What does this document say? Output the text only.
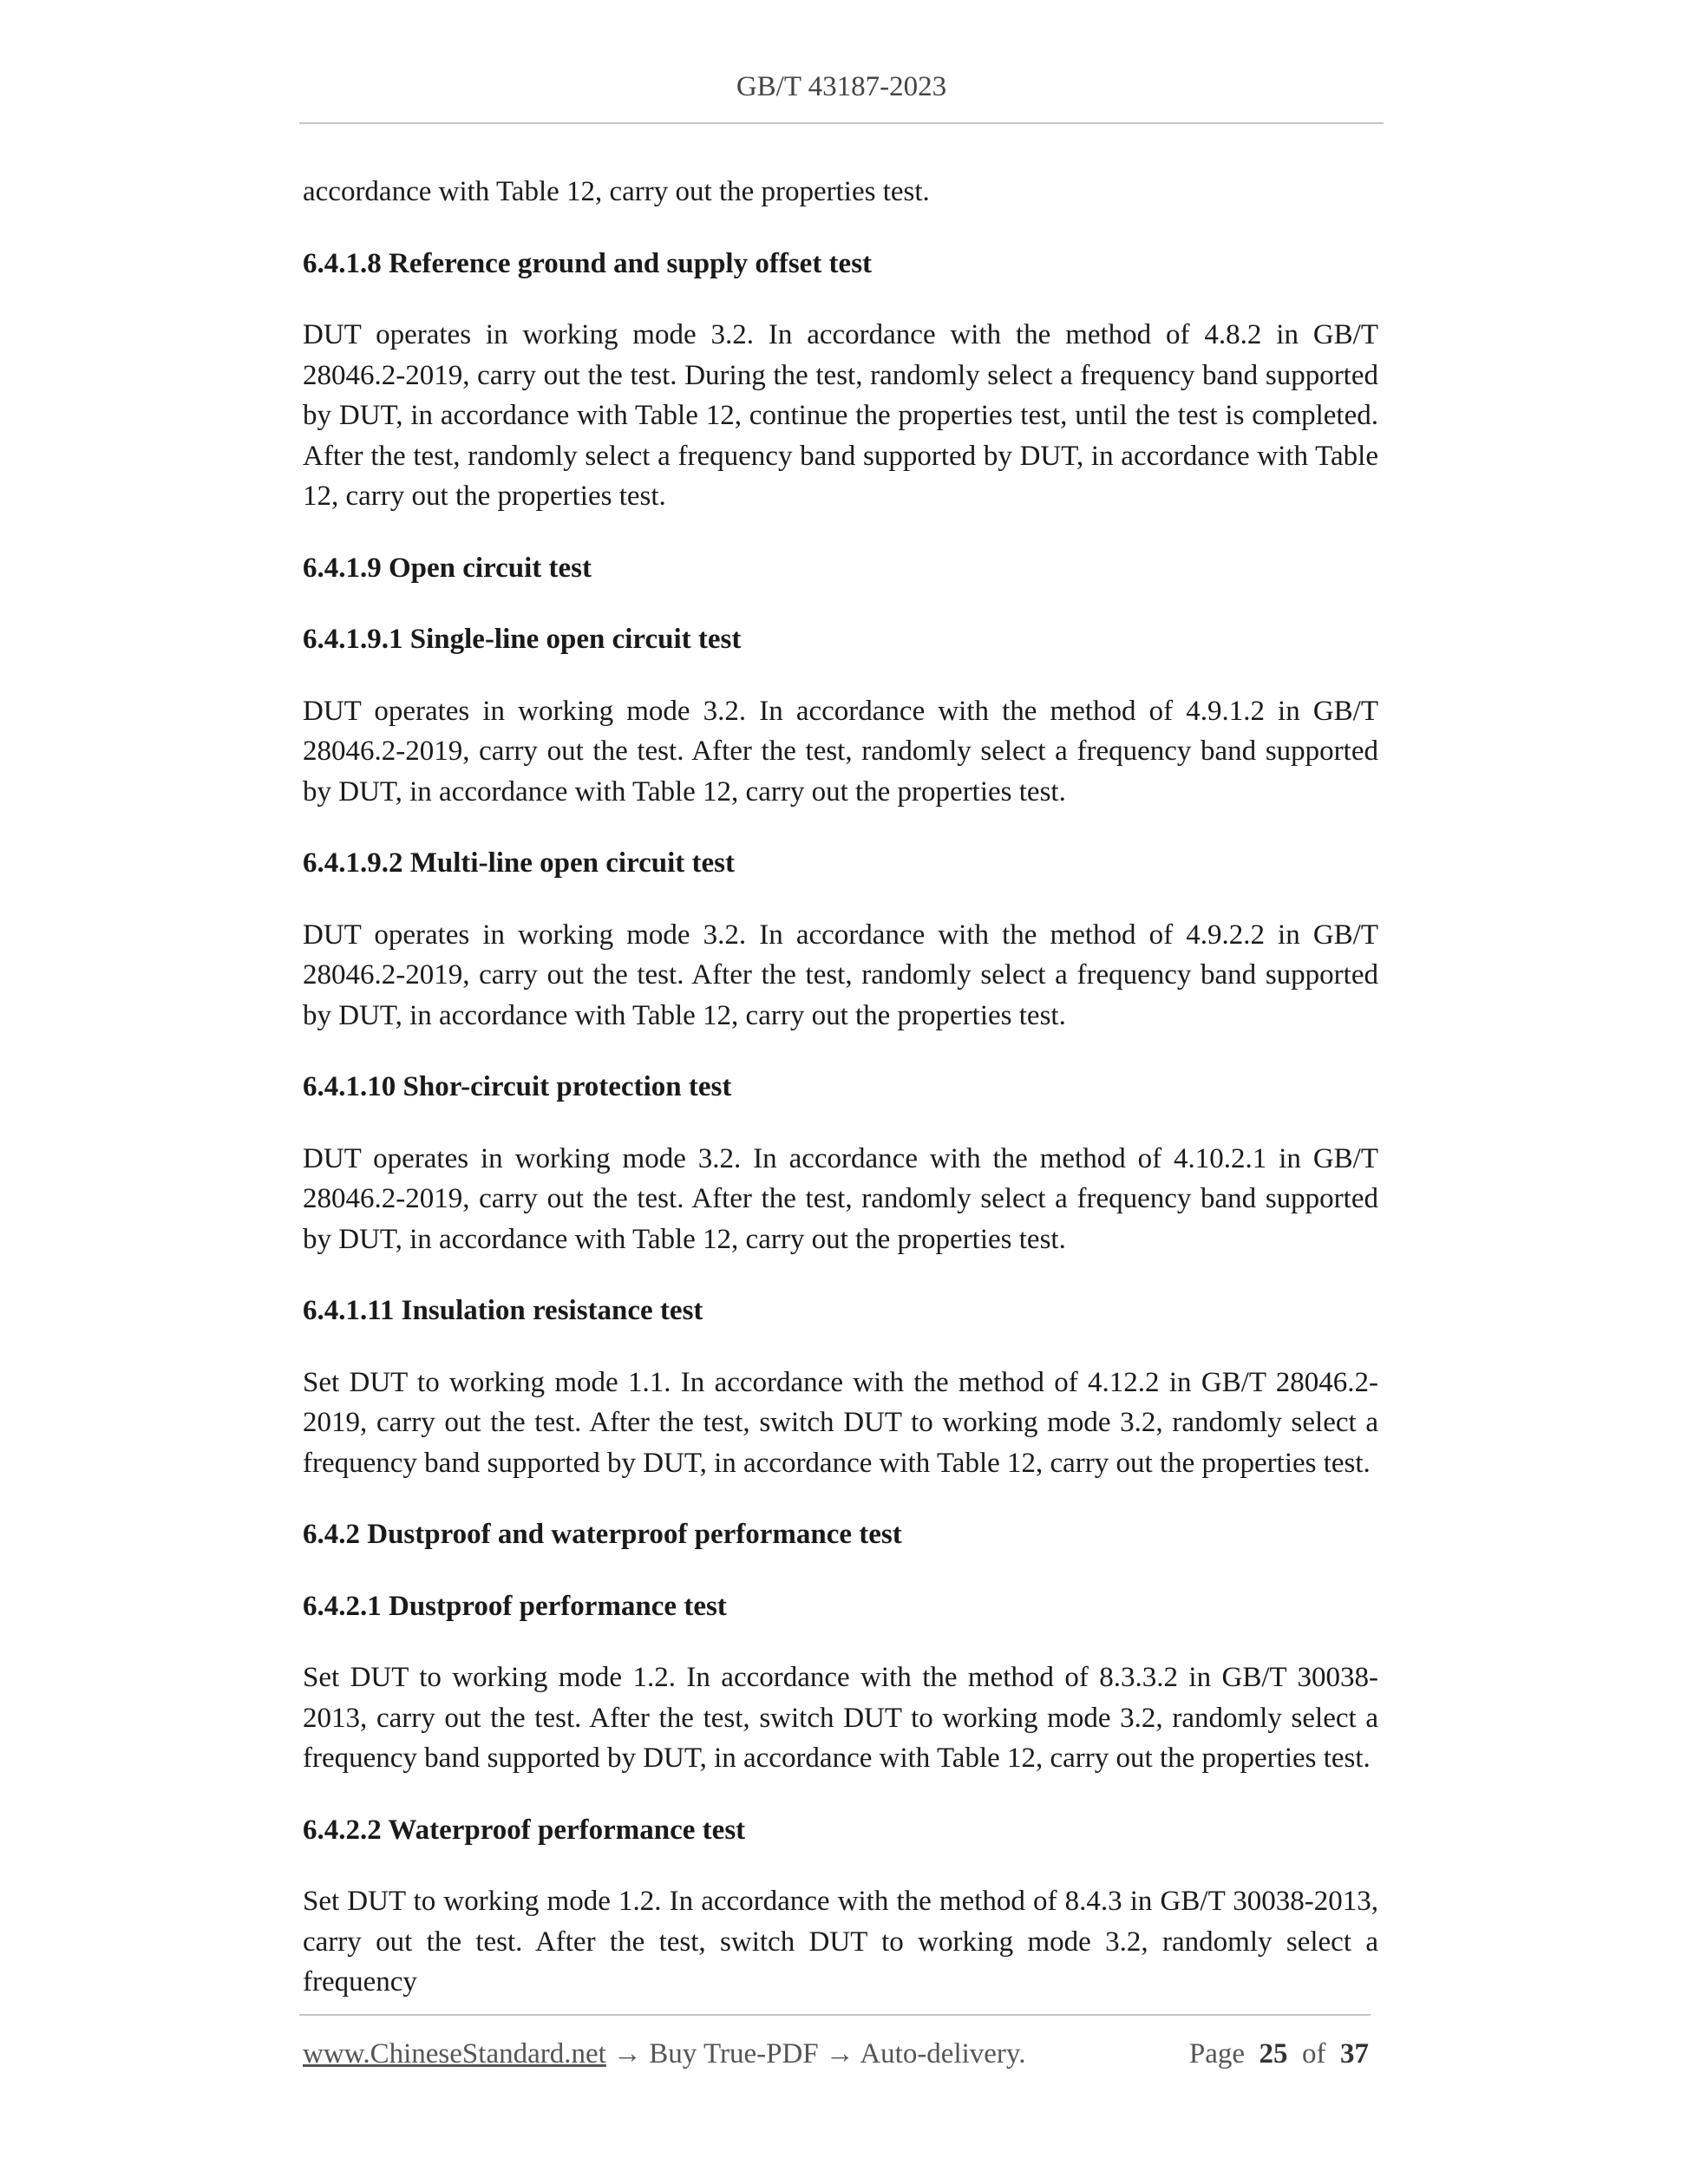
GB/T 43187-2023

accordance with Table 12, carry out the properties test.

6.4.1.8 Reference ground and supply offset test

DUT operates in working mode 3.2. In accordance with the method of 4.8.2 in GB/T 28046.2-2019, carry out the test. During the test, randomly select a frequency band supported by DUT, in accordance with Table 12, continue the properties test, until the test is completed. After the test, randomly select a frequency band supported by DUT, in accordance with Table 12, carry out the properties test.

6.4.1.9 Open circuit test
6.4.1.9.1 Single-line open circuit test

DUT operates in working mode 3.2. In accordance with the method of 4.9.1.2 in GB/T 28046.2-2019, carry out the test. After the test, randomly select a frequency band supported by DUT, in accordance with Table 12, carry out the properties test.

6.4.1.9.2 Multi-line open circuit test

DUT operates in working mode 3.2. In accordance with the method of 4.9.2.2 in GB/T 28046.2-2019, carry out the test. After the test, randomly select a frequency band supported by DUT, in accordance with Table 12, carry out the properties test.

6.4.1.10 Shor-circuit protection test

DUT operates in working mode 3.2. In accordance with the method of 4.10.2.1 in GB/T 28046.2-2019, carry out the test. After the test, randomly select a frequency band supported by DUT, in accordance with Table 12, carry out the properties test.

6.4.1.11 Insulation resistance test

Set DUT to working mode 1.1. In accordance with the method of 4.12.2 in GB/T 28046.2-2019, carry out the test. After the test, switch DUT to working mode 3.2, randomly select a frequency band supported by DUT, in accordance with Table 12, carry out the properties test.

6.4.2 Dustproof and waterproof performance test
6.4.2.1 Dustproof performance test

Set DUT to working mode 1.2. In accordance with the method of 8.3.3.2 in GB/T 30038-2013, carry out the test. After the test, switch DUT to working mode 3.2, randomly select a frequency band supported by DUT, in accordance with Table 12, carry out the properties test.

6.4.2.2 Waterproof performance test

Set DUT to working mode 1.2. In accordance with the method of 8.4.3 in GB/T 30038-2013, carry out the test. After the test, switch DUT to working mode 3.2, randomly select a frequency

www.ChineseStandard.net → Buy True-PDF → Auto-delivery.	Page 25 of 37
